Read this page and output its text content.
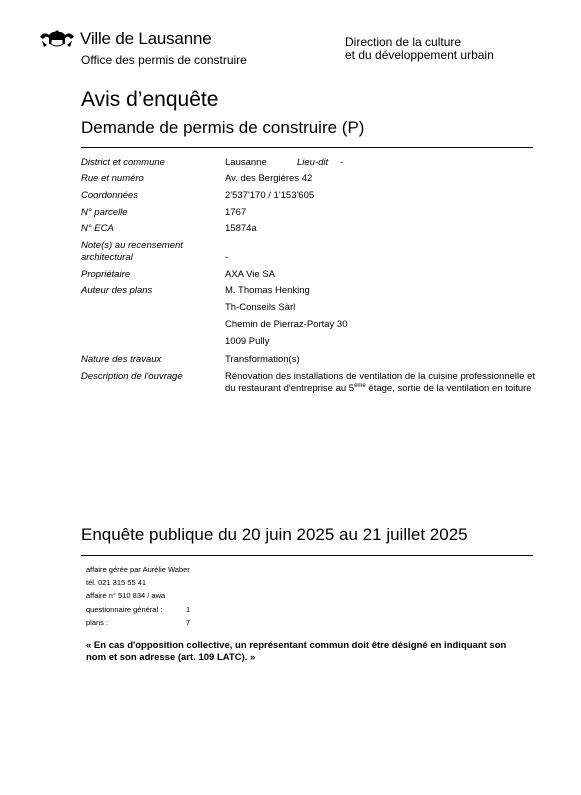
Ville de Lausanne
Office des permis de construire
Direction de la culture
et du développement urbain
Avis d’enquête
Demande de permis de construire (P)
District et commune	Lausanne	Lieu-dit -
Rue et numéro	Av. des Bergières 42
Coordonnées	2'537'170 / 1'153'605
N° parcelle	1767
N° ECA	15874a
Note(s) au recensement
architectural	-
Propriétaire	AXA Vie SA
Auteur des plans	M. Thomas Henking
Th-Conseils Sàrl
Chemin de Pierraz-Portay 30
1009 Pully
Nature des travaux	Transformation(s)
Description de l'ouvrage	Rénovation des installations de ventilation de la cuisine professionnelle et du restaurant d'entreprise au 5ème étage, sortie de la ventilation en toiture
Enquête publique du 20 juin 2025 au 21 juillet 2025
affaire gérée par Aurélie Waber
tél. 021 315 55 41
affaire n° 510 834 / awa
questionnaire général :	1
plans :	7
« En cas d'opposition collective, un représentant commun doit être désigné en indiquant son nom et son adresse (art. 109 LATC). »
